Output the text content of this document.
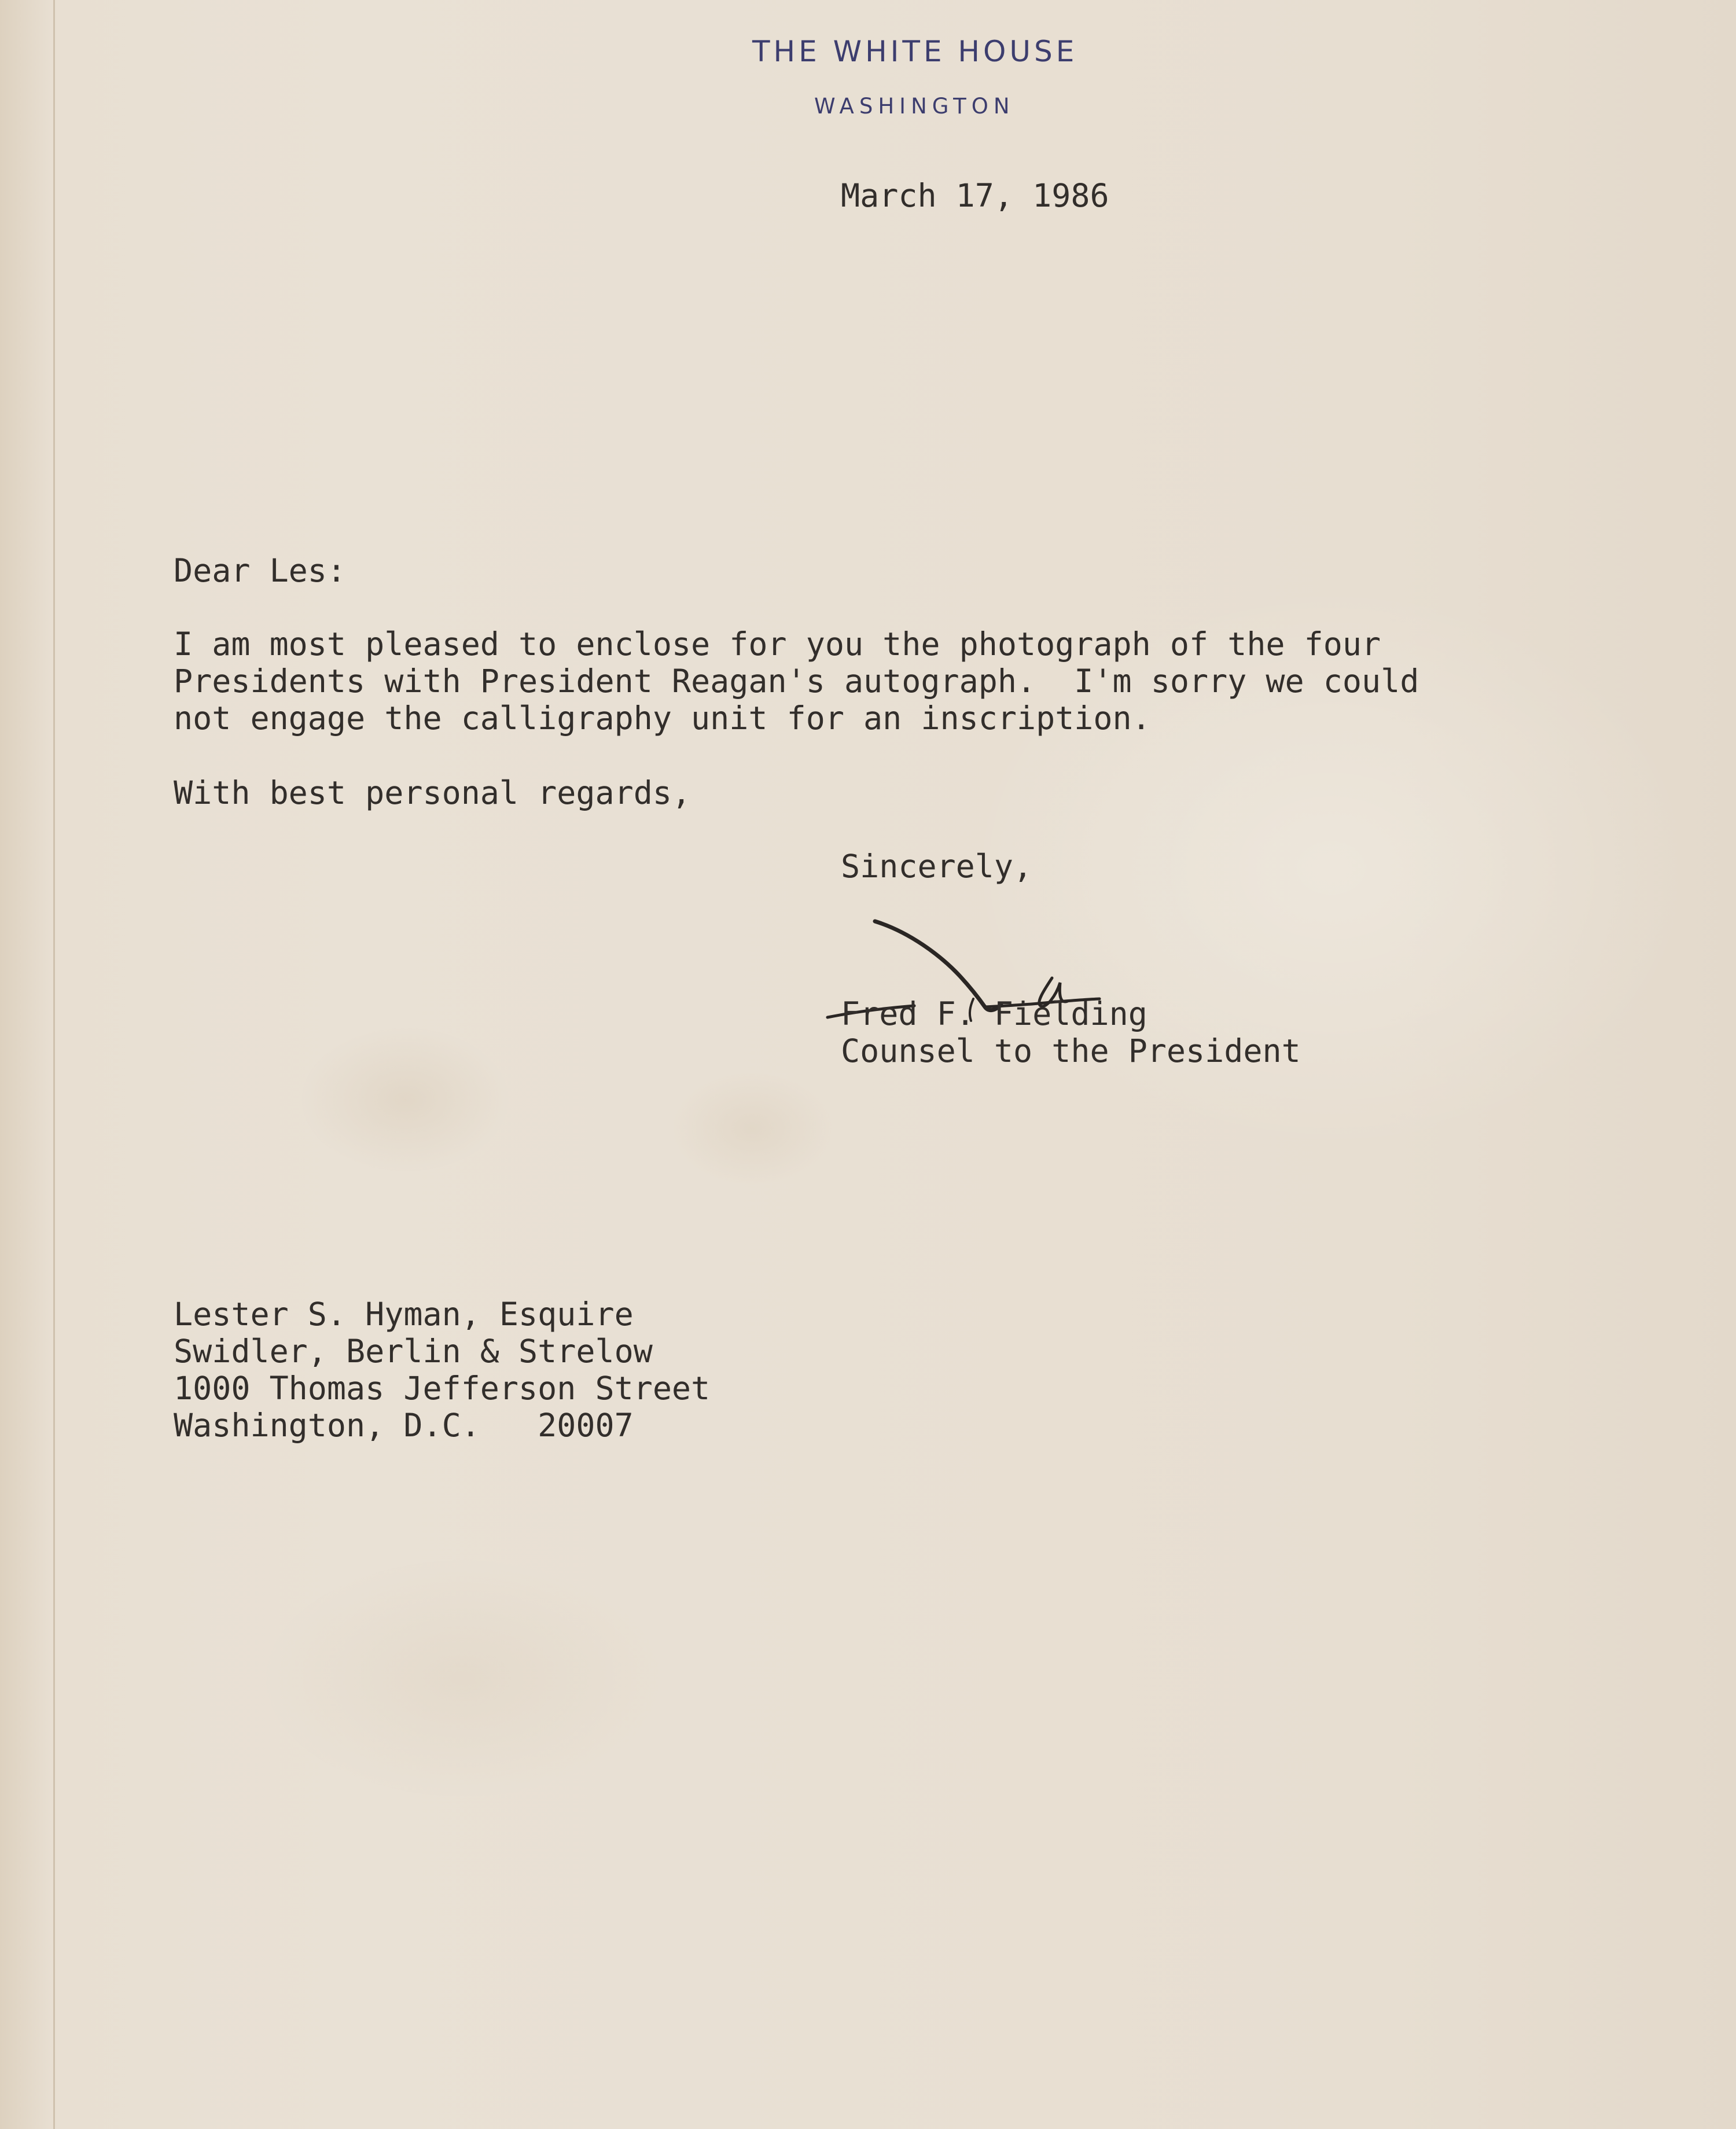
THE WHITE HOUSE
WASHINGTON
March 17, 1986
Dear Les:
I am most pleased to enclose for you the photograph of the four
Presidents with President Reagan's autograph.  I'm sorry we could
not engage the calligraphy unit for an inscription.
With best personal regards,
Sincerely,
Fred F. Fielding
Counsel to the President
Lester S. Hyman, Esquire
Swidler, Berlin & Strelow
1000 Thomas Jefferson Street
Washington, D.C.   20007
